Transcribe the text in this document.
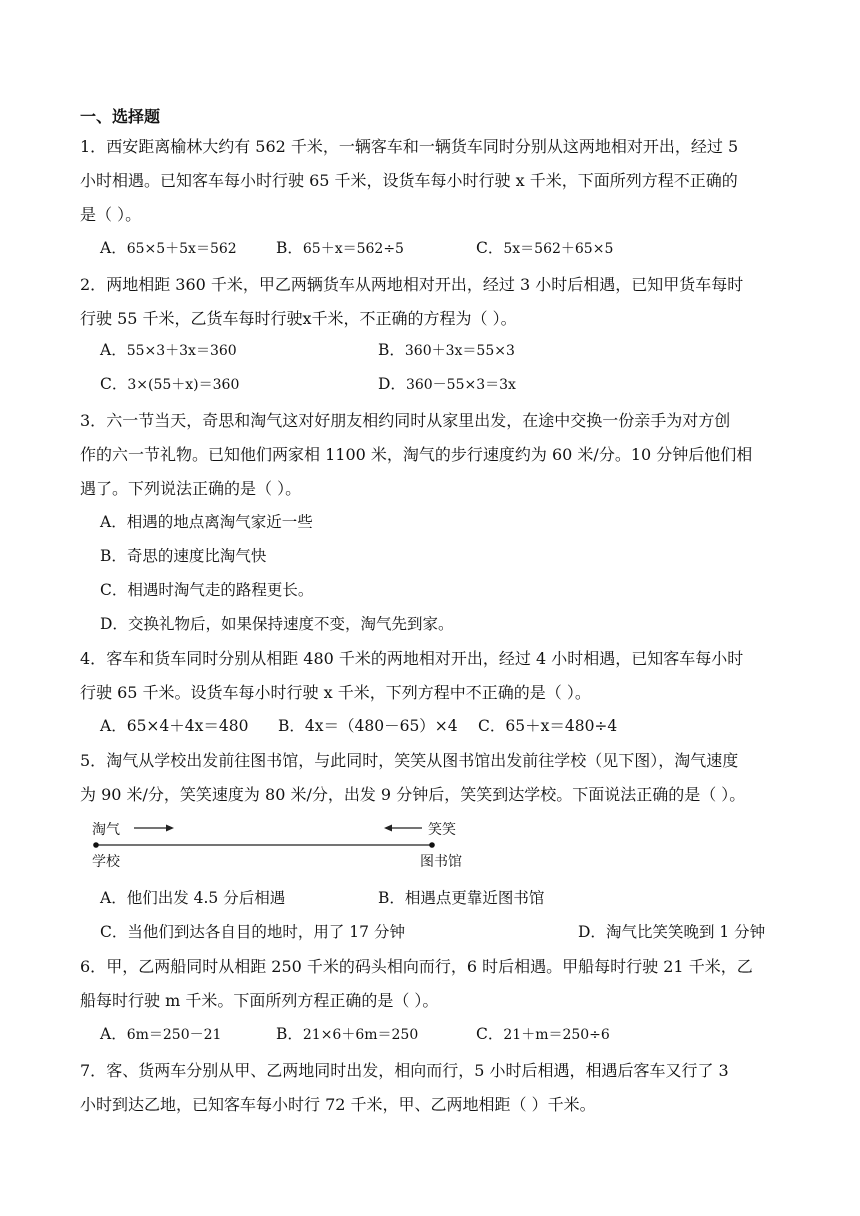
一、选择题
1．西安距离榆林大约有 562 千米，一辆客车和一辆货车同时分别从这两地相对开出，经过 5
小时相遇。已知客车每小时行驶 65 千米，设货车每小时行驶 x 千米，下面所列方程不正确的
是（ ）。
A．65×5＋5x＝562	B．65＋x＝562÷5	C．5x＝562＋65×5
2．两地相距 360 千米，甲乙两辆货车从两地相对开出，经过 3 小时后相遇，已知甲货车每时
行驶 55 千米，乙货车每时行驶x千米，不正确的方程为（ ）。
A．55×3＋3x＝360	B．360＋3x＝55×3
C．3×(55＋x)＝360	D．360－55×3＝3x
3．六一节当天，奇思和淘气这对好朋友相约同时从家里出发，在途中交换一份亲手为对方创
作的六一节礼物。已知他们两家相 1100 米，淘气的步行速度约为 60 米/分。10 分钟后他们相
遇了。下列说法正确的是（ ）。
A．相遇的地点离淘气家近一些
B．奇思的速度比淘气快
C．相遇时淘气走的路程更长。
D．交换礼物后，如果保持速度不变，淘气先到家。
4．客车和货车同时分别从相距 480 千米的两地相对开出，经过 4 小时相遇，已知客车每小时
行驶 65 千米。设货车每小时行驶 x 千米，下列方程中不正确的是（ ）。
A．65×4＋4x＝480 B．4x＝（480－65）×4 C．65＋x＝480÷4
5．淘气从学校出发前往图书馆，与此同时，笑笑从图书馆出发前往学校（见下图），淘气速度
为 90 米/分，笑笑速度为 80 米/分，出发 9 分钟后，笑笑到达学校。下面说法正确的是（ ）。
淘气	笑笑
学校	图书馆
A．他们出发 4.5 分后相遇	B．相遇点更靠近图书馆
C．当他们到达各自目的地时，用了 17 分钟	D．淘气比笑笑晚到 1 分钟
6．甲，乙两船同时从相距 250 千米的码头相向而行，6 时后相遇。甲船每时行驶 21 千米，乙
船每时行驶 m 千米。下面所列方程正确的是（ ）。
A．6m＝250－21	B．21×6＋6m＝250	C．21＋m＝250÷6
7．客、货两车分别从甲、乙两地同时出发，相向而行，5 小时后相遇，相遇后客车又行了 3
小时到达乙地，已知客车每小时行 72 千米，甲、乙两地相距（ ）千米。
